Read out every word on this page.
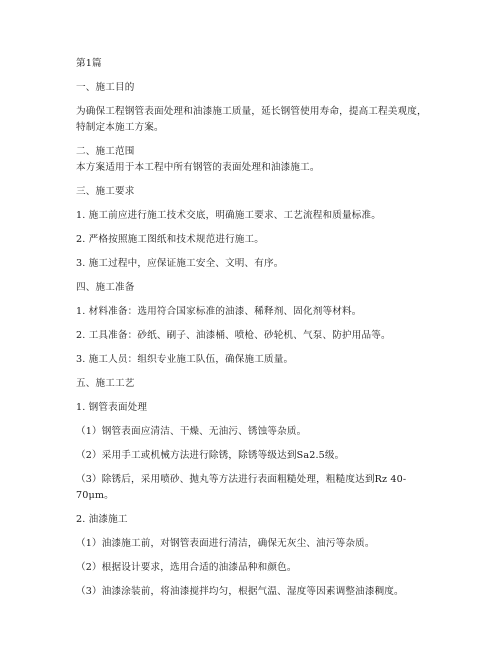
第1篇
一、施工目的
为确保工程钢管表面处理和油漆施工质量，延长钢管使用寿命，提高工程美观度，
特制定本施工方案。
二、施工范围
本方案适用于本工程中所有钢管的表面处理和油漆施工。
三、施工要求
1. 施工前应进行施工技术交底，明确施工要求、工艺流程和质量标准。
2. 严格按照施工图纸和技术规范进行施工。
3. 施工过程中，应保证施工安全、文明、有序。
四、施工准备
1. 材料准备：选用符合国家标准的油漆、稀释剂、固化剂等材料。
2. 工具准备：砂纸、刷子、油漆桶、喷枪、砂轮机、气泵、防护用品等。
3. 施工人员：组织专业施工队伍，确保施工质量。
五、施工工艺
1. 钢管表面处理
（1）钢管表面应清洁、干燥、无油污、锈蚀等杂质。
（2）采用手工或机械方法进行除锈，除锈等级达到Sa2.5级。
（3）除锈后，采用喷砂、抛丸等方法进行表面粗糙处理，粗糙度达到Rz 40-
70μm。
2. 油漆施工
（1）油漆施工前，对钢管表面进行清洁，确保无灰尘、油污等杂质。
（2）根据设计要求，选用合适的油漆品种和颜色。
（3）油漆涂装前，将油漆搅拌均匀，根据气温、湿度等因素调整油漆稠度。
